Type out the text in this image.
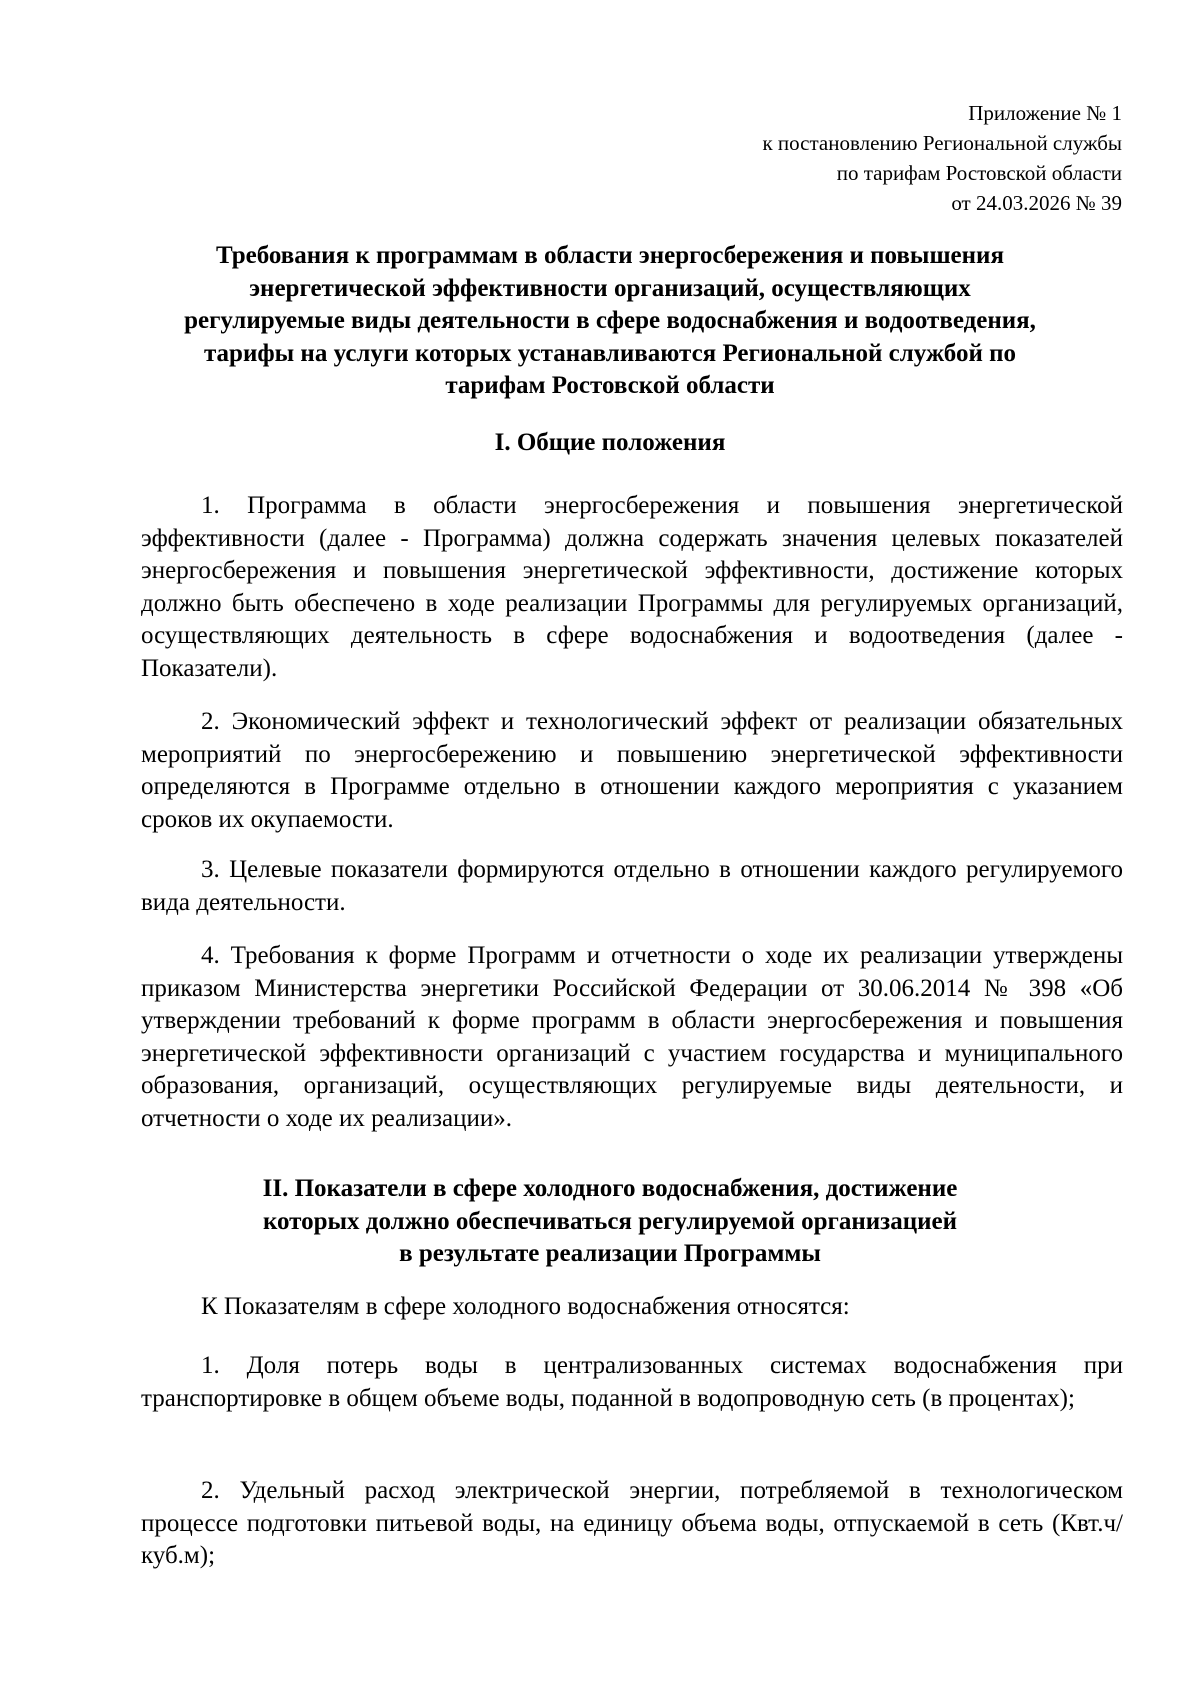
Приложение № 1
к постановлению Региональной службы
по тарифам Ростовской области
от 24.03.2026 № 39
Требования к программам в области энергосбережения и повышения
энергетической эффективности организаций, осуществляющих
регулируемые виды деятельности в сфере водоснабжения и водоотведения,
тарифы на услуги которых устанавливаются Региональной службой по
тарифам Ростовской области
I. Общие положения

1. Программа в области энергосбережения и повышения энергетической эффективности (далее - Программа) должна содержать значения целевых показателей энергосбережения и повышения энергетической эффективности, достижение которых должно быть обеспечено в ходе реализации Программы для регулируемых организаций, осуществляющих деятельность в сфере водоснабжения и водоотведения (далее - Показатели).

2. Экономический эффект и технологический эффект от реализации обязательных мероприятий по энергосбережению и повышению энергетической эффективности определяются в Программе отдельно в отношении каждого мероприятия с указанием сроков их окупаемости.

3. Целевые показатели формируются отдельно в отношении каждого регулируемого вида деятельности.

4. Требования к форме Программ и отчетности о ходе их реализации утверждены приказом Министерства энергетики Российской Федерации от 30.06.2014 № 398 «Об утверждении требований к форме программ в области энергосбережения и повышения энергетической эффективности организаций с участием государства и муниципального образования, организаций, осуществляющих регулируемые виды деятельности, и отчетности о ходе их реализации».

II. Показатели в сфере холодного водоснабжения, достижение
которых должно обеспечиваться регулируемой организацией
в результате реализации Программы

К Показателям в сфере холодного водоснабжения относятся:

1. Доля потерь воды в централизованных системах водоснабжения при транспортировке в общем объеме воды, поданной в водопроводную сеть (в процентах);

2. Удельный расход электрической энергии, потребляемой в технологическом процессе подготовки питьевой воды, на единицу объема воды, отпускаемой в сеть (Квт.ч/куб.м);
